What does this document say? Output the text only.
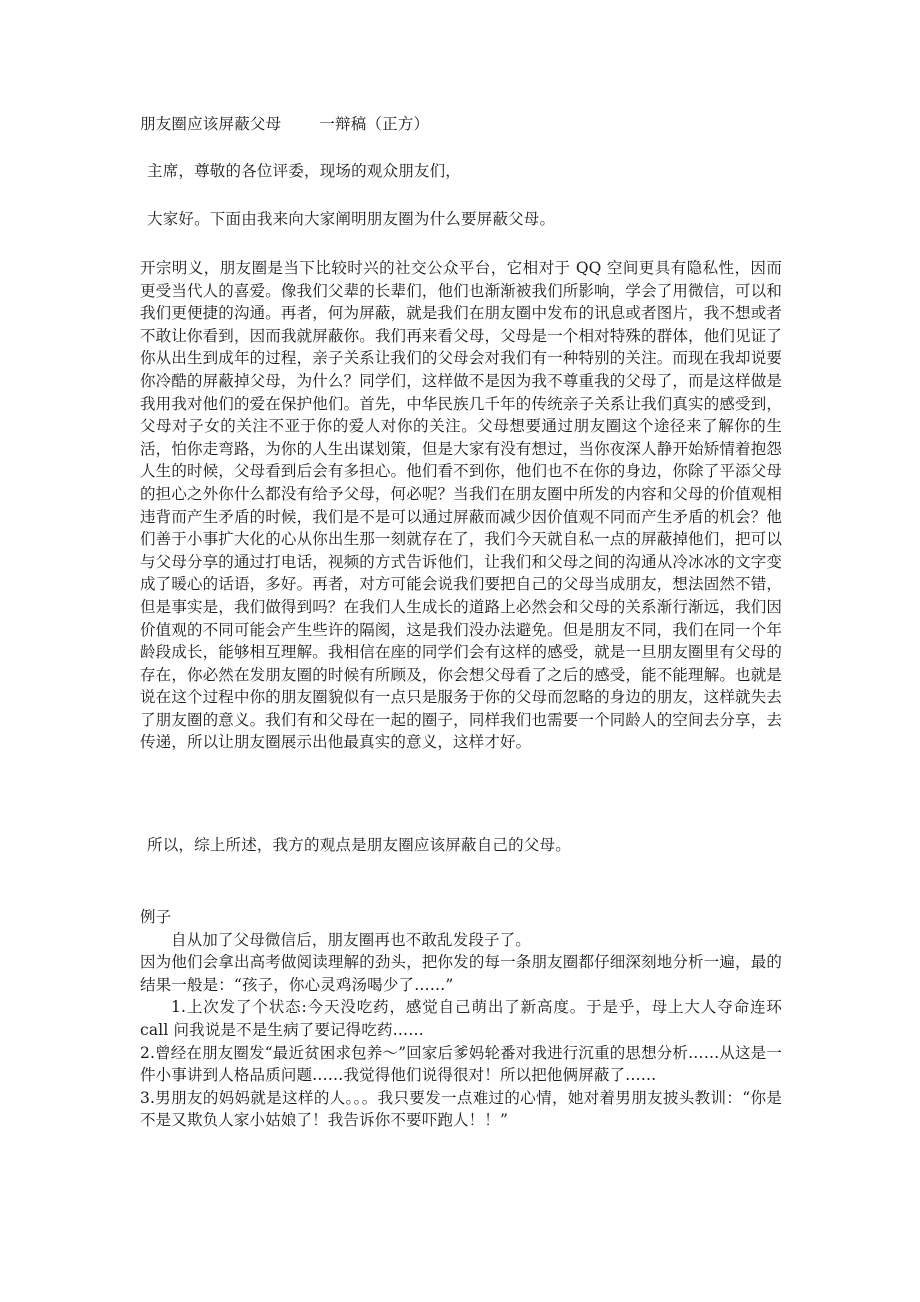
朋友圈应该屏蔽父母 一辩稿（正方）
主席，尊敬的各位评委，现场的观众朋友们，
大家好。下面由我来向大家阐明朋友圈为什么要屏蔽父母。
开宗明义，朋友圈是当下比较时兴的社交公众平台，它相对于 QQ 空间更具有隐私性，因而更受当代人的喜爱。像我们父辈的长辈们，他们也渐渐被我们所影响，学会了用微信，可以和我们更便捷的沟通。再者，何为屏蔽，就是我们在朋友圈中发布的讯息或者图片，我不想或者不敢让你看到，因而我就屏蔽你。我们再来看父母，父母是一个相对特殊的群体，他们见证了你从出生到成年的过程，亲子关系让我们的父母会对我们有一种特别的关注。而现在我却说要你冷酷的屏蔽掉父母，为什么？同学们，这样做不是因为我不尊重我的父母了，而是这样做是我用我对他们的爱在保护他们。首先，中华民族几千年的传统亲子关系让我们真实的感受到，父母对子女的关注不亚于你的爱人对你的关注。父母想要通过朋友圈这个途径来了解你的生活，怕你走弯路，为你的人生出谋划策，但是大家有没有想过，当你夜深人静开始矫情着抱怨人生的时候，父母看到后会有多担心。他们看不到你，他们也不在你的身边，你除了平添父母的担心之外你什么都没有给予父母，何必呢？当我们在朋友圈中所发的内容和父母的价值观相违背而产生矛盾的时候，我们是不是可以通过屏蔽而减少因价值观不同而产生矛盾的机会？他们善于小事扩大化的心从你出生那一刻就存在了，我们今天就自私一点的屏蔽掉他们，把可以与父母分享的通过打电话，视频的方式告诉他们，让我们和父母之间的沟通从冷冰冰的文字变成了暖心的话语，多好。再者，对方可能会说我们要把自己的父母当成朋友，想法固然不错，但是事实是，我们做得到吗？在我们人生成长的道路上必然会和父母的关系渐行渐远，我们因价值观的不同可能会产生些许的隔阂，这是我们没办法避免。但是朋友不同，我们在同一个年龄段成长，能够相互理解。我相信在座的同学们会有这样的感受，就是一旦朋友圈里有父母的存在，你必然在发朋友圈的时候有所顾及，你会想父母看了之后的感受，能不能理解。也就是说在这个过程中你的朋友圈貌似有一点只是服务于你的父母而忽略的身边的朋友，这样就失去了朋友圈的意义。我们有和父母在一起的圈子，同样我们也需要一个同龄人的空间去分享，去传递，所以让朋友圈展示出他最真实的意义，这样才好。
所以，综上所述，我方的观点是朋友圈应该屏蔽自己的父母。

例子

自从加了父母微信后，朋友圈再也不敢乱发段子了。

因为他们会拿出高考做阅读理解的劲头，把你发的每一条朋友圈都仔细深刻地分析一遍，最的结果一般是：“孩子，你心灵鸡汤喝少了……”

1.上次发了个状态:今天没吃药，感觉自己萌出了新高度。于是乎，母上大人夺命连环 call 问我说是不是生病了要记得吃药……

2.曾经在朋友圈发“最近贫困求包养～”回家后爹妈轮番对我进行沉重的思想分析……从这是一件小事讲到人格品质问题……我觉得他们说得很对！所以把他俩屏蔽了……

3.男朋友的妈妈就是这样的人。。。我只要发一点难过的心情，她对着男朋友披头教训：“你是不是又欺负人家小姑娘了！我告诉你不要吓跑人！！”
